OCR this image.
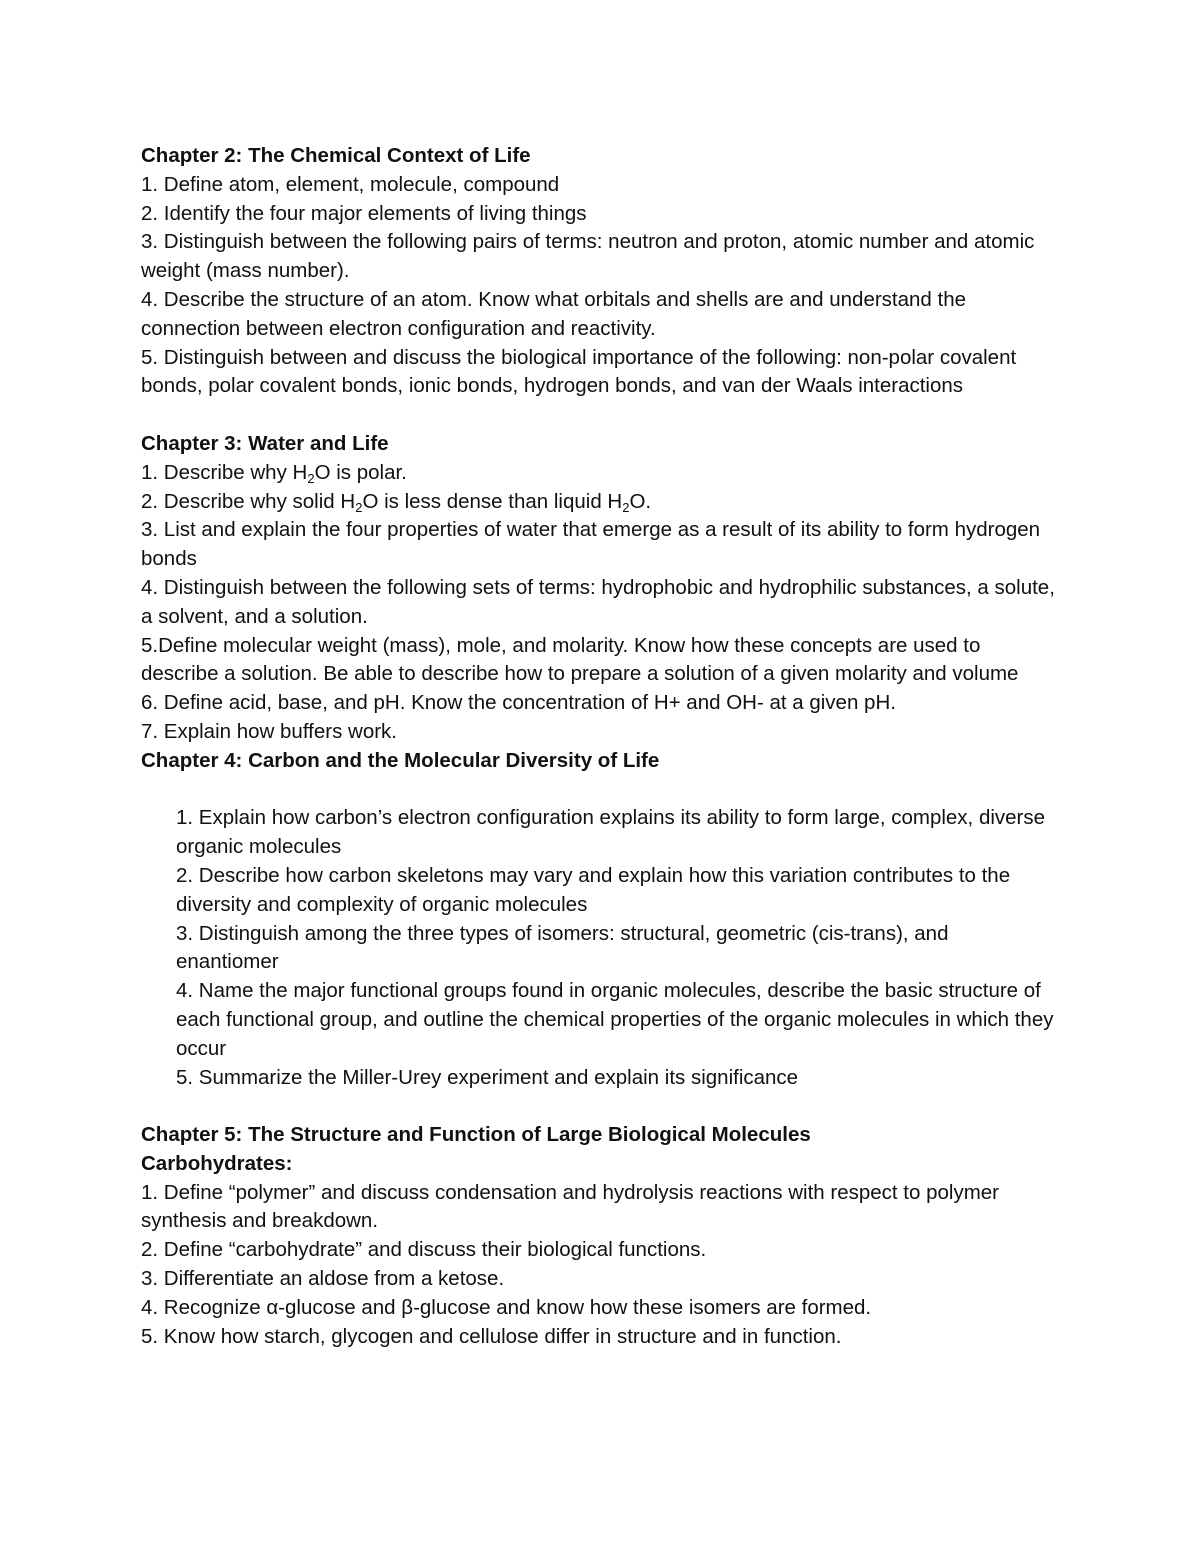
Chapter 2: The Chemical Context of Life

1. Define atom, element, molecule, compound

2. Identify the four major elements of living things

3. Distinguish between the following pairs of terms: neutron and proton, atomic number and atomic weight (mass number).

4. Describe the structure of an atom. Know what orbitals and shells are and understand the connection between electron configuration and reactivity.

5. Distinguish between and discuss the biological importance of the following: non-polar covalent bonds, polar covalent bonds, ionic bonds, hydrogen bonds, and van der Waals interactions

Chapter 3: Water and Life

1. Describe why $H_2O$ is polar.

2. Describe why solid $H_2O$ is less dense than liquid $H_2O$.

3. List and explain the four properties of water that emerge as a result of its ability to form hydrogen bonds

4. Distinguish between the following sets of terms: hydrophobic and hydrophilic substances, a solute, a solvent, and a solution.

5.Define molecular weight (mass), mole, and molarity. Know how these concepts are used to describe a solution. Be able to describe how to prepare a solution of a given molarity and volume

6. Define acid, base, and pH. Know the concentration of H+ and OH- at a given pH.

7. Explain how buffers work.

Chapter 4: Carbon and the Molecular Diversity of Life

1. Explain how carbon’s electron configuration explains its ability to form large, complex, diverse organic molecules

2. Describe how carbon skeletons may vary and explain how this variation contributes to the diversity and complexity of organic molecules

3. Distinguish among the three types of isomers: structural, geometric (cis-trans), and enantiomer

4. Name the major functional groups found in organic molecules, describe the basic structure of each functional group, and outline the chemical properties of the organic molecules in which they occur

5. Summarize the Miller-Urey experiment and explain its significance

Chapter 5: The Structure and Function of Large Biological Molecules

Carbohydrates:

1. Define “polymer” and discuss condensation and hydrolysis reactions with respect to polymer synthesis and breakdown.

2. Define “carbohydrate” and discuss their biological functions.

3. Differentiate an aldose from a ketose.

4. Recognize α-glucose and β-glucose and know how these isomers are formed.

5. Know how starch, glycogen and cellulose differ in structure and in function.
